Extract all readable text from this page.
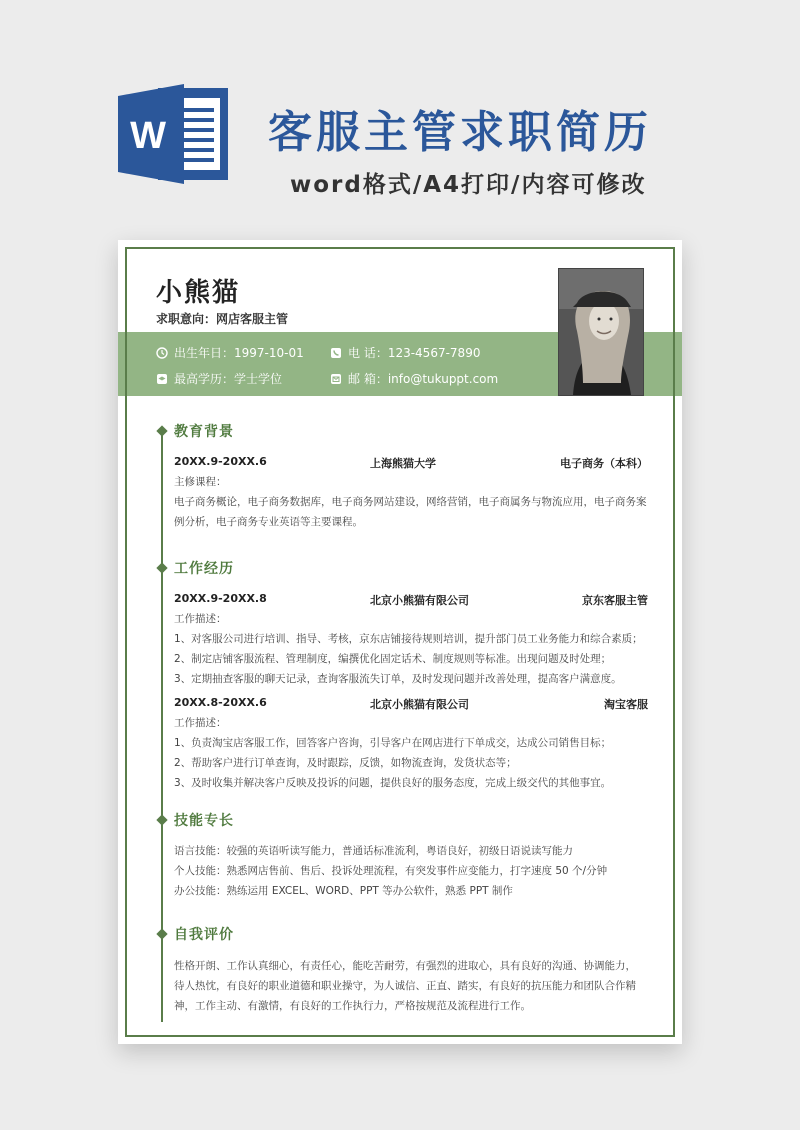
W 客服主管求职简历
word格式/A4打印/内容可修改
小熊猫
求职意向：网店客服主管
出生年日：1997-10-01	电 话：123-4567-7890
最高学历：学士学位	邮 箱：info@tukuppt.com
教育背景
20XX.9-20XX.6	上海熊猫大学	电子商务（本科）
主修课程：
电子商务概论，电子商务数据库，电子商务网站建设，网络营销，电子商属务与物流应用，电子商务案
例分析，电子商务专业英语等主要课程。
工作经历
20XX.9-20XX.8	北京小熊猫有限公司	京东客服主管
工作描述：
1、对客服公司进行培训、指导、考核，京东店铺接待规则培训，提升部门员工业务能力和综合素质；
2、制定店铺客服流程、管理制度，编撰优化固定话术、制度规则等标准。出现问题及时处理；
3、定期抽查客服的聊天记录，查询客服流失订单，及时发现问题并改善处理，提高客户满意度。
20XX.8-20XX.6	北京小熊猫有限公司	淘宝客服
工作描述：
1、负责淘宝店客服工作，回答客户咨询，引导客户在网店进行下单成交，达成公司销售目标；
2、帮助客户进行订单查询，及时跟踪，反馈，如物流查询，发货状态等；
3、及时收集并解决客户反映及投诉的问题，提供良好的服务态度，完成上级交代的其他事宜。
技能专长
语言技能：较强的英语听读写能力，普通话标准流利，粤语良好，初级日语说读写能力
个人技能：熟悉网店售前、售后、投诉处理流程，有突发事件应变能力，打字速度 50 个/分钟
办公技能：熟练运用 EXCEL、WORD、PPT 等办公软件，熟悉 PPT 制作
自我评价
性格开朗、工作认真细心，有责任心，能吃苦耐劳，有强烈的进取心，具有良好的沟通、协调能力，
待人热忱，有良好的职业道德和职业操守，为人诚信、正直、踏实，有良好的抗压能力和团队合作精
神，工作主动、有激情，有良好的工作执行力，严格按规范及流程进行工作。
